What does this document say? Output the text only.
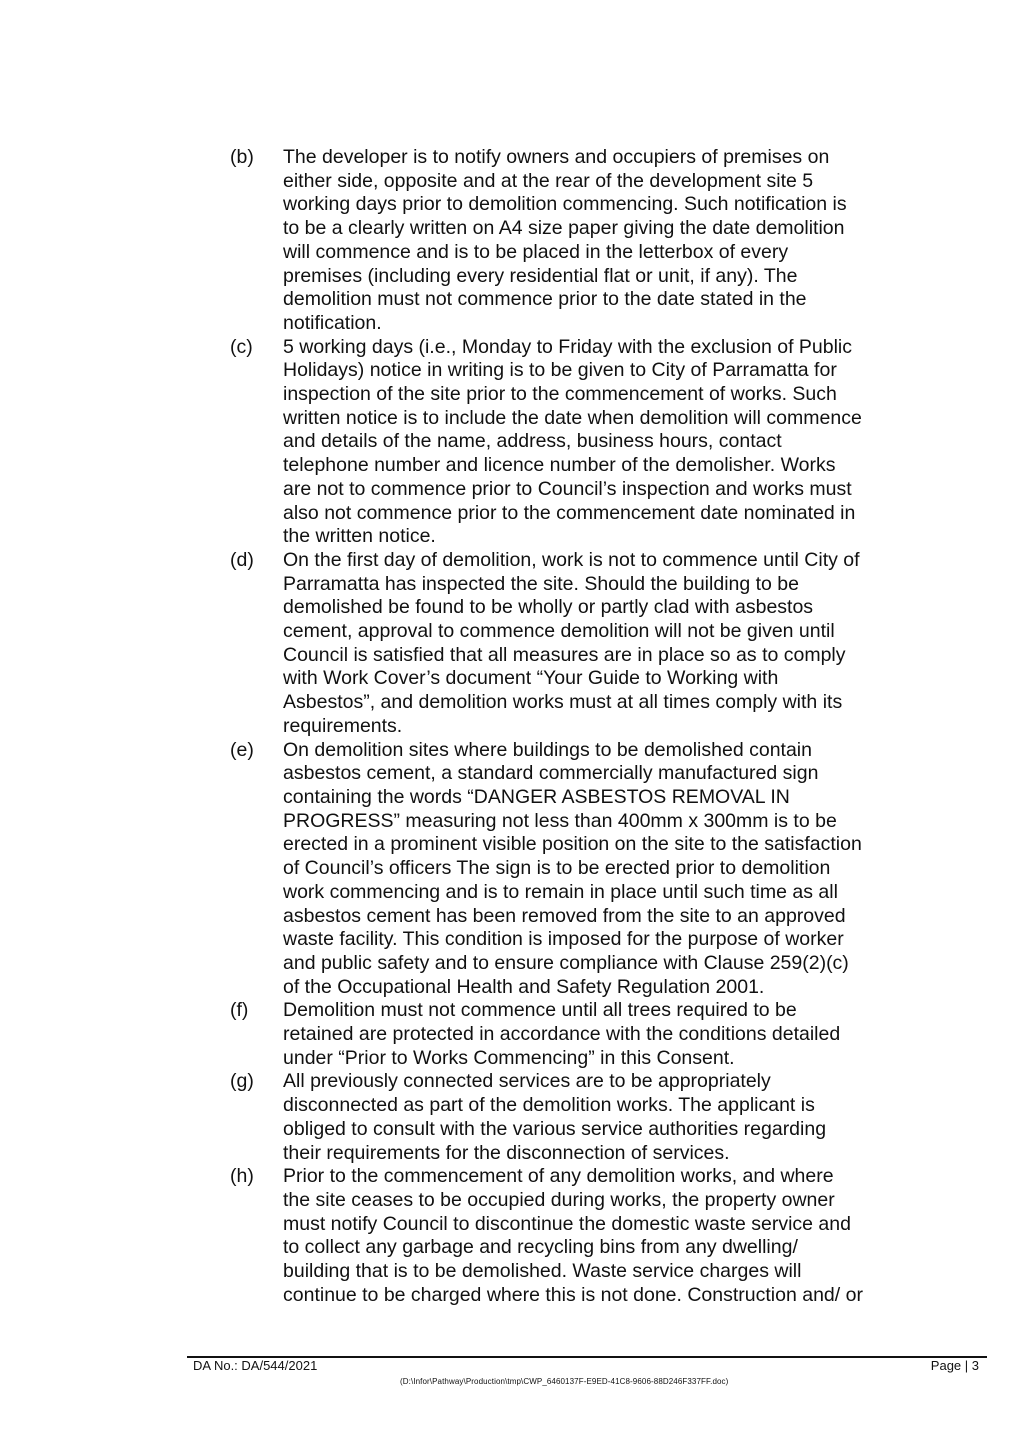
(b)	The developer is to notify owners and occupiers of premises on
either side, opposite and at the rear of the development site 5
working days prior to demolition commencing. Such notification is
to be a clearly written on A4 size paper giving the date demolition
will commence and is to be placed in the letterbox of every
premises (including every residential flat or unit, if any). The
demolition must not commence prior to the date stated in the
notification.
(c)	5 working days (i.e., Monday to Friday with the exclusion of Public
Holidays) notice in writing is to be given to City of Parramatta for
inspection of the site prior to the commencement of works. Such
written notice is to include the date when demolition will commence
and details of the name, address, business hours, contact
telephone number and licence number of the demolisher. Works
are not to commence prior to Council’s inspection and works must
also not commence prior to the commencement date nominated in
the written notice.
(d)	On the first day of demolition, work is not to commence until City of
Parramatta has inspected the site. Should the building to be
demolished be found to be wholly or partly clad with asbestos
cement, approval to commence demolition will not be given until
Council is satisfied that all measures are in place so as to comply
with Work Cover’s document “Your Guide to Working with
Asbestos”, and demolition works must at all times comply with its
requirements.
(e)	On demolition sites where buildings to be demolished contain
asbestos cement, a standard commercially manufactured sign
containing the words “DANGER ASBESTOS REMOVAL IN
PROGRESS” measuring not less than 400mm x 300mm is to be
erected in a prominent visible position on the site to the satisfaction
of Council’s officers The sign is to be erected prior to demolition
work commencing and is to remain in place until such time as all
asbestos cement has been removed from the site to an approved
waste facility. This condition is imposed for the purpose of worker
and public safety and to ensure compliance with Clause 259(2)(c)
of the Occupational Health and Safety Regulation 2001.
(f)	Demolition must not commence until all trees required to be
retained are protected in accordance with the conditions detailed
under “Prior to Works Commencing” in this Consent.
(g)	All previously connected services are to be appropriately
disconnected as part of the demolition works. The applicant is
obliged to consult with the various service authorities regarding
their requirements for the disconnection of services.
(h)	Prior to the commencement of any demolition works, and where
the site ceases to be occupied during works, the property owner
must notify Council to discontinue the domestic waste service and
to collect any garbage and recycling bins from any dwelling/
building that is to be demolished. Waste service charges will
continue to be charged where this is not done. Construction and/ or
DA No.: DA/544/2021	Page | 3
(D:\Infor\Pathway\Production\tmp\CWP_6460137F-E9ED-41C8-9606-88D246F337FF.doc)
